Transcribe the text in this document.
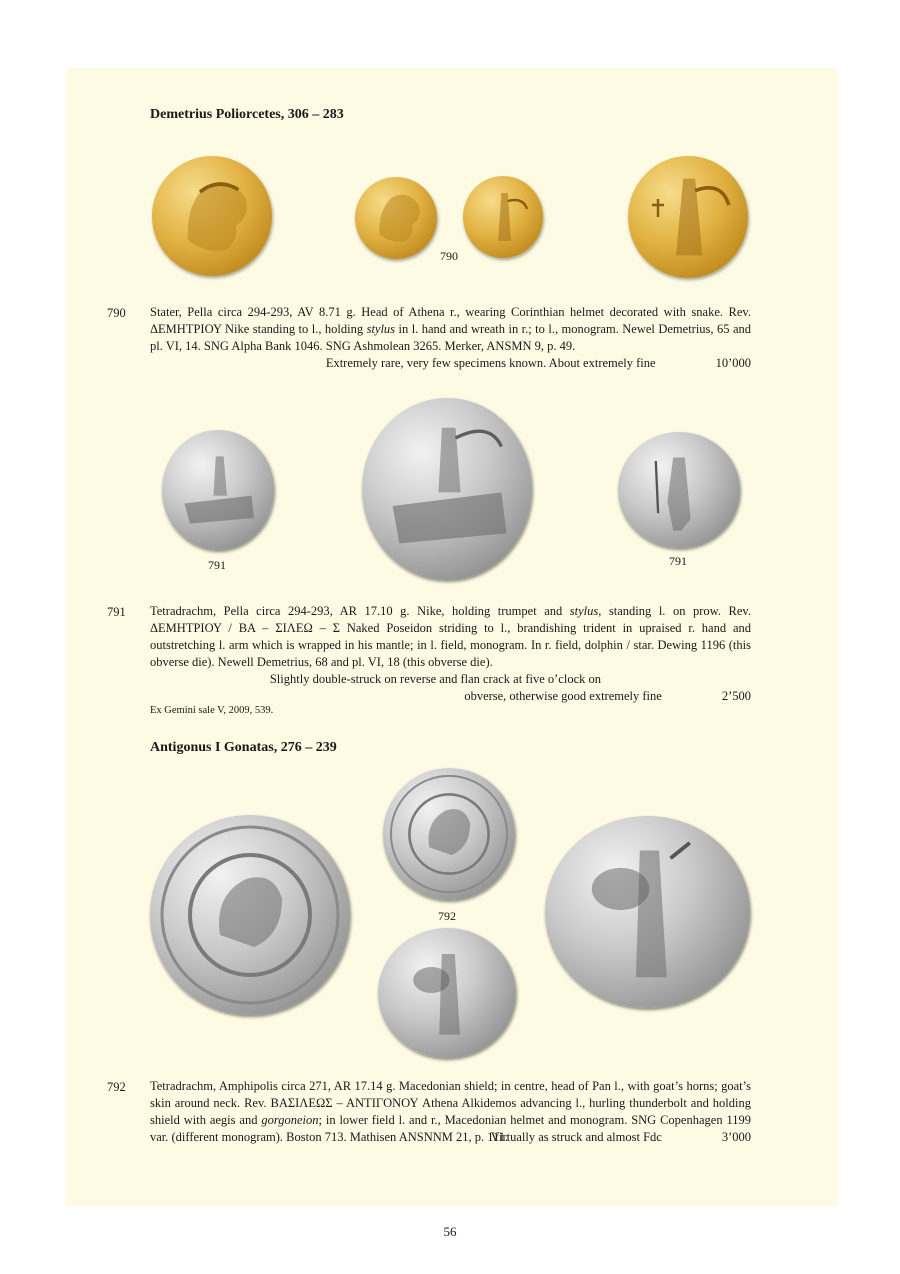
Demetrius Poliorcetes, 306 – 283
790
790 Stater, Pella circa 294-293, AV 8.71 g. Head of Athena r., wearing Corinthian helmet decorated with snake. Rev. ΔΕΜΗΤΡΙΟΥ Nike standing to l., holding stylus in l. hand and wreath in r.; to l., monogram. Newel Demetrius, 65 and pl. VI, 14. SNG Alpha Bank 1046. SNG Ashmolean 3265. Merker, ANSMN 9, p. 49.
Extremely rare, very few specimens known. About extremely fine	10’000
791	791
791 Tetradrachm, Pella circa 294-293, AR 17.10 g. Nike, holding trumpet and stylus, standing l. on prow. Rev. ΔΕΜΗΤΡΙΟΥ / ΒΑ – ΣΙΛΕΩ – Σ Naked Poseidon striding to l., brandishing trident in upraised r. hand and outstretching l. arm which is wrapped in his mantle; in l. field, monogram. In r. field, dolphin / star. Dewing 1196 (this obverse die). Newell Demetrius, 68 and pl. VI, 18 (this obverse die).
Slightly double-struck on reverse and flan crack at five o’clock on
obverse, otherwise good extremely fine	2’500
Ex Gemini sale V, 2009, 539.
Antigonus I Gonatas, 276 – 239
792
792 Tetradrachm, Amphipolis circa 271, AR 17.14 g. Macedonian shield; in centre, head of Pan l., with goat’s horns; goat’s skin around neck. Rev. ΒΑΣΙΛΕΩΣ – ΑΝΤΙΓΟΝΟΥ Athena Alkidemos advancing l., hurling thunderbolt and holding shield with aegis and gorgoneion; in lower field l. and r., Macedonian helmet and monogram. SNG Copenhagen 1199 var. (different monogram). Boston 713. Mathisen ANSNNM 21, p. 111.
Virtually as struck and almost Fdc	3’000
56
